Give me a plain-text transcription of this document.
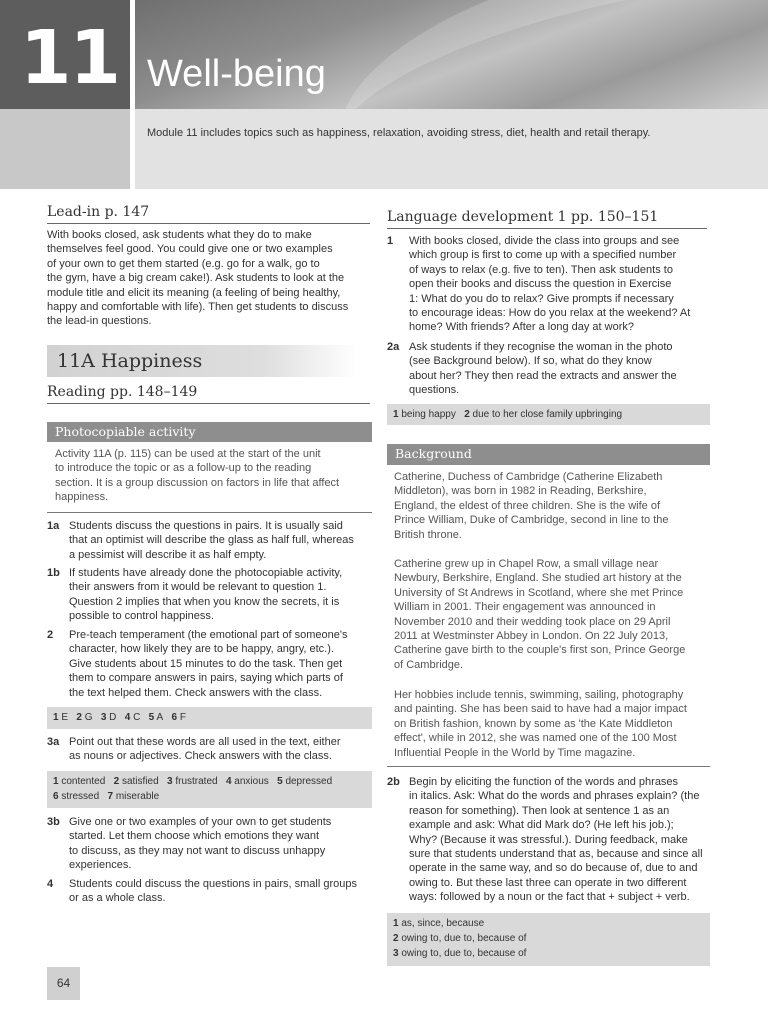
11 Well-being

Module 11 includes topics such as happiness, relaxation, avoiding stress, diet, health and retail therapy.

Lead-in p. 147
With books closed, ask students what they do to make
themselves feel good. You could give one or two examples
of your own to get them started (e.g. go for a walk, go to
the gym, have a big cream cake!). Ask students to look at the
module title and elicit its meaning (a feeling of being healthy,
happy and comfortable with life). Then get students to discuss
the lead-in questions.
11A Happiness
Reading pp. 148–149
Photocopiable activity
Activity 11A (p. 115) can be used at the start of the unit
to introduce the topic or as a follow-up to the reading
section. It is a group discussion on factors in life that affect
happiness.
1a Students discuss the questions in pairs. It is usually said
that an optimist will describe the glass as half full, whereas
a pessimist will describe it as half empty.
1b If students have already done the photocopiable activity,
their answers from it would be relevant to question 1.
Question 2 implies that when you know the secrets, it is
possible to control happiness.
2 Pre-teach temperament (the emotional part of someone's
character, how likely they are to be happy, angry, etc.).
Give students about 15 minutes to do the task. Then get
them to compare answers in pairs, saying which parts of
the text helped them. Check answers with the class.
1 E 2 G 3 D 4 C 5 A 6 F
3a Point out that these words are all used in the text, either
as nouns or adjectives. Check answers with the class.
1 contented 2 satisfied 3 frustrated 4 anxious 5 depressed
6 stressed 7 miserable
3b Give one or two examples of your own to get students
started. Let them choose which emotions they want
to discuss, as they may not want to discuss unhappy
experiences.
4 Students could discuss the questions in pairs, small groups
or as a whole class.
64
Language development 1 pp. 150–151
1 With books closed, divide the class into groups and see
which group is first to come up with a specified number
of ways to relax (e.g. five to ten). Then ask students to
open their books and discuss the question in Exercise
1: What do you do to relax? Give prompts if necessary
to encourage ideas: How do you relax at the weekend? At
home? With friends? After a long day at work?
2a Ask students if they recognise the woman in the photo
(see Background below). If so, what do they know
about her? They then read the extracts and answer the
questions.
1 being happy 2 due to her close family upbringing
Background
Catherine, Duchess of Cambridge (Catherine Elizabeth
Middleton), was born in 1982 in Reading, Berkshire,
England, the eldest of three children. She is the wife of
Prince William, Duke of Cambridge, second in line to the
British throne.
Catherine grew up in Chapel Row, a small village near
Newbury, Berkshire, England. She studied art history at the
University of St Andrews in Scotland, where she met Prince
William in 2001. Their engagement was announced in
November 2010 and their wedding took place on 29 April
2011 at Westminster Abbey in London. On 22 July 2013,
Catherine gave birth to the couple's first son, Prince George
of Cambridge.
Her hobbies include tennis, swimming, sailing, photography
and painting. She has been said to have had a major impact
on British fashion, known by some as 'the Kate Middleton
effect', while in 2012, she was named one of the 100 Most
Influential People in the World by Time magazine.
2b Begin by eliciting the function of the words and phrases
in italics. Ask: What do the words and phrases explain? (the
reason for something). Then look at sentence 1 as an
example and ask: What did Mark do? (He left his job.);
Why? (Because it was stressful.). During feedback, make
sure that students understand that as, because and since all
operate in the same way, and so do because of, due to and
owing to. But these last three can operate in two different
ways: followed by a noun or the fact that + subject + verb.
1 as, since, because
2 owing to, due to, because of
3 owing to, due to, because of
